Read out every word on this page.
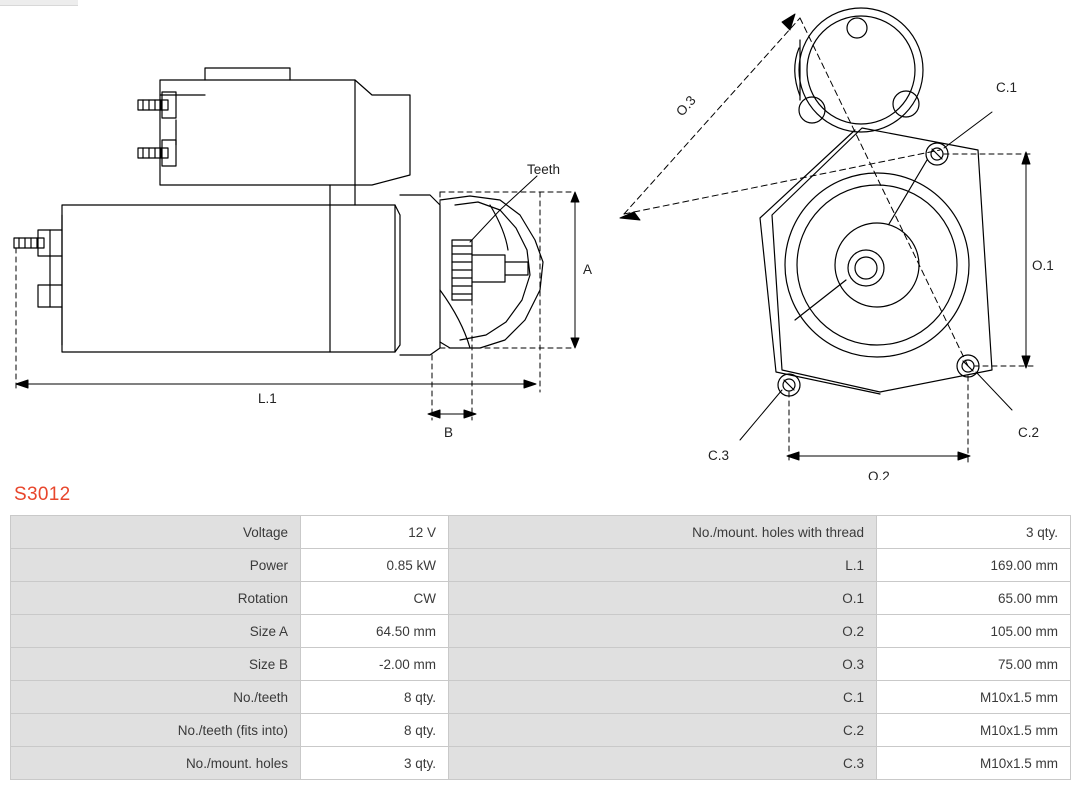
Teeth
L.1
A
B
O.1
O.2
O.3
C.1
C.2
C.3
S3012
Voltage	12 V	No./mount. holes with thread	3 qty.
Power	0.85 kW	L.1	169.00 mm
Rotation	CW	O.1	65.00 mm
Size A	64.50 mm	O.2	105.00 mm
Size B	-2.00 mm	O.3	75.00 mm
No./teeth	8 qty.	C.1	M10x1.5 mm
No./teeth (fits into)	8 qty.	C.2	M10x1.5 mm
No./mount. holes	3 qty.	C.3	M10x1.5 mm
